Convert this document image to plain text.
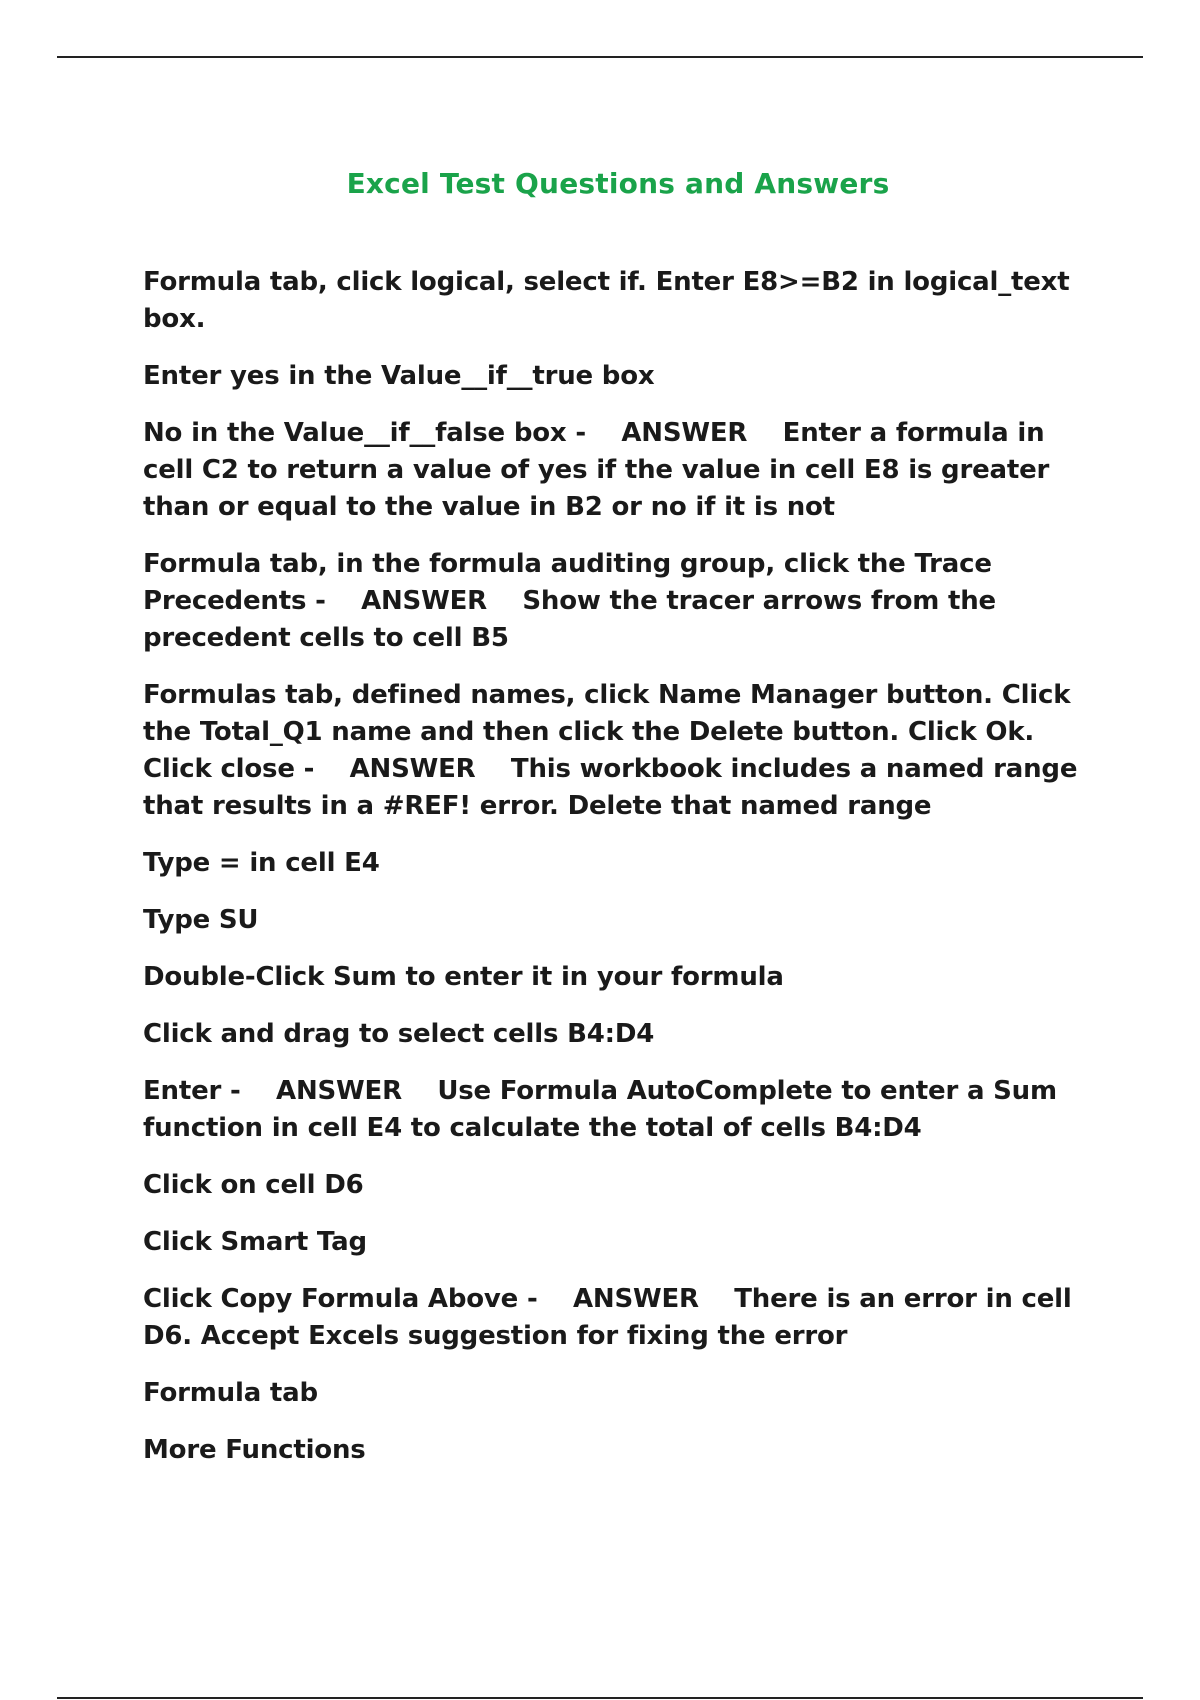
Excel Test Questions and Answers

Formula tab, click logical, select if. Enter E8>=B2 in logical_text box.

Enter yes in the Value__if__true box

No in the Value__if__false box -    ANSWER Enter a formula in cell C2 to return a value of yes if the value in cell E8 is greater than or equal to the value in B2 or no if it is not

Formula tab, in the formula auditing group, click the Trace Precedents -    ANSWER Show the tracer arrows from the precedent cells to cell B5

Formulas tab, defined names, click Name Manager button. Click the Total_Q1 name and then click the Delete button. Click Ok. Click close -    ANSWER This workbook includes a named range that results in a #REF! error. Delete that named range

Type = in cell E4

Type SU

Double-Click Sum to enter it in your formula

Click and drag to select cells B4:D4

Enter -    ANSWER Use Formula AutoComplete to enter a Sum function in cell E4 to calculate the total of cells B4:D4

Click on cell D6

Click Smart Tag

Click Copy Formula Above -    ANSWER There is an error in cell D6. Accept Excels suggestion for fixing the error

Formula tab

More Functions
